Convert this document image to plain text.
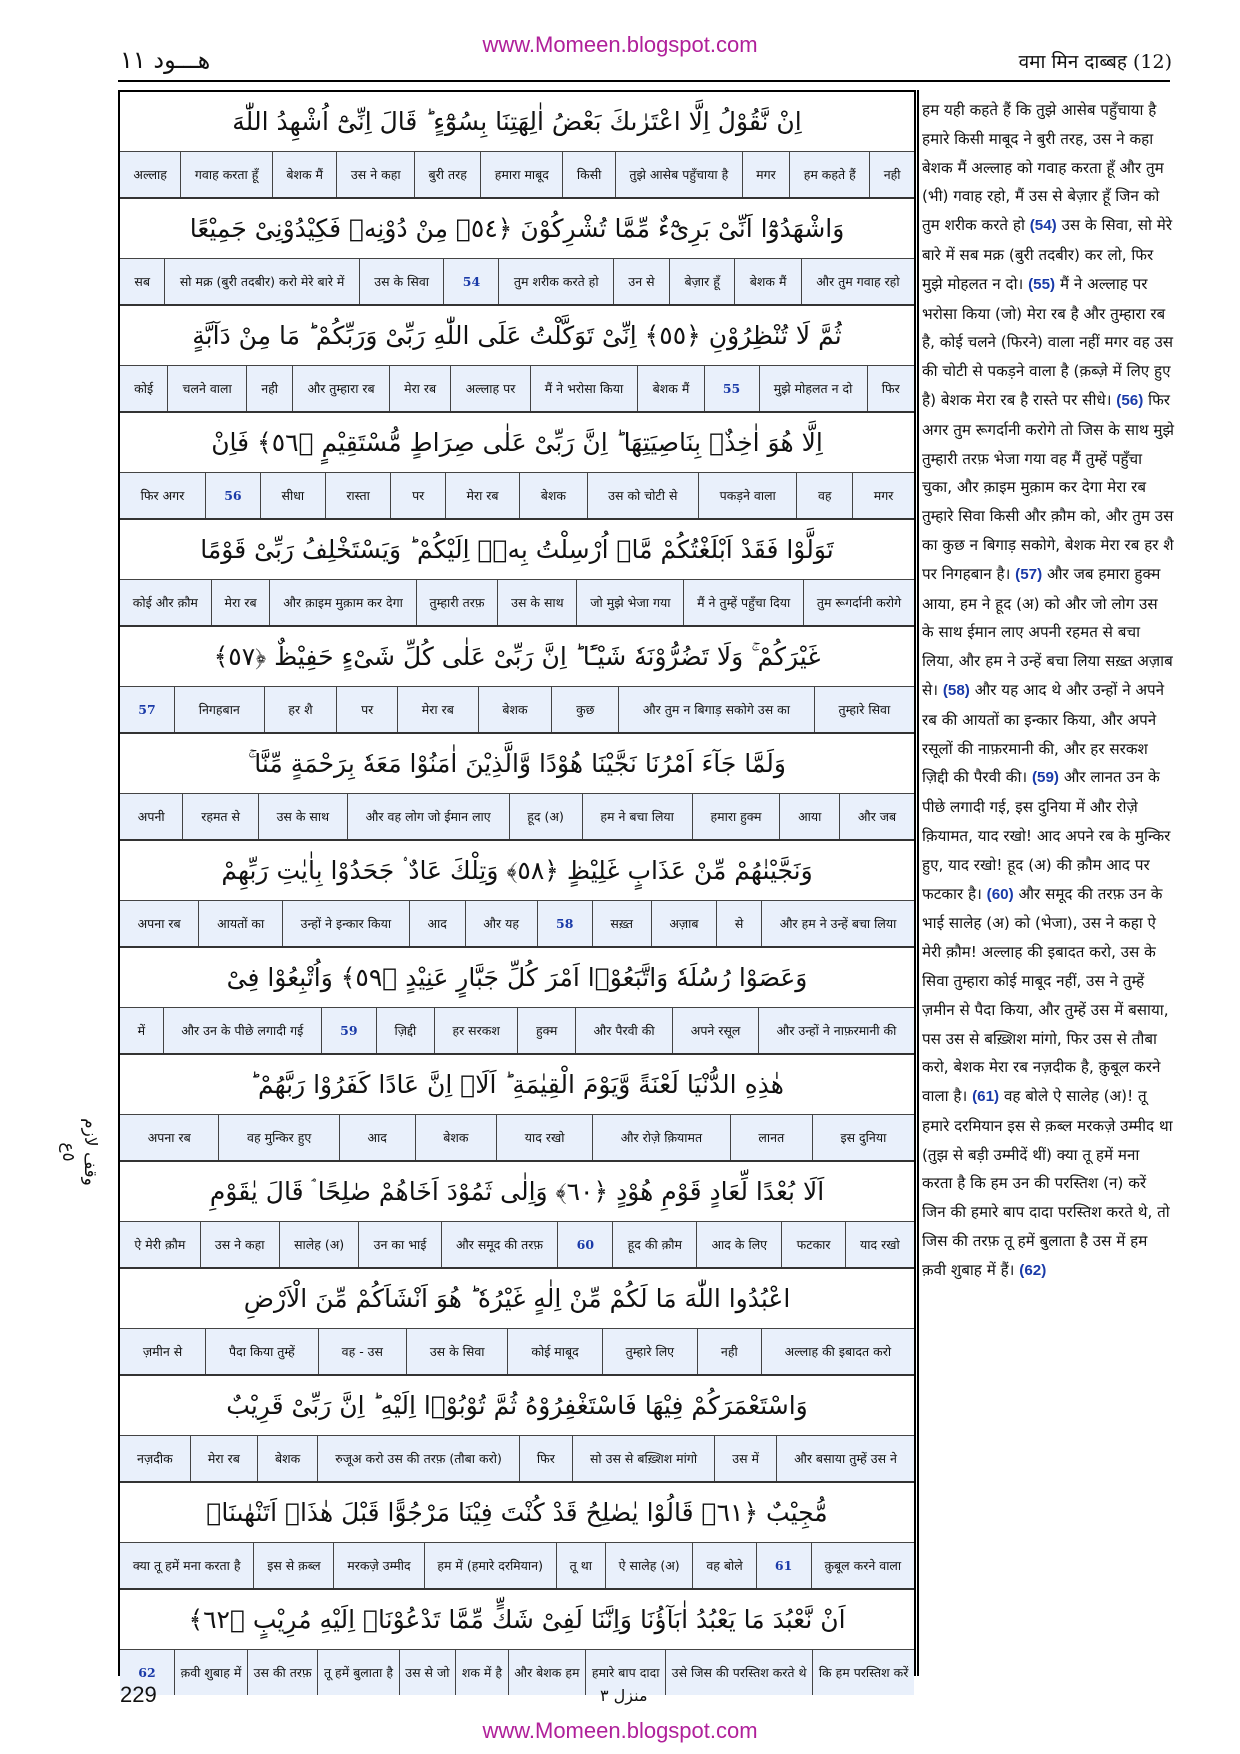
www.Momeen.blogspot.com
هـــود ١١	वमा मिन दाब्बह (12)
وقف لازم ٥ع
اِنْ نَّقُوْلُ اِلَّا اعْتَرٰىكَ بَعْضُ اٰلِهَتِنَا بِسُوْٓءٍ ؕ قَالَ اِنِّىْٓ اُشْهِدُ اللّٰهَ
नही
हम कहते हैं
मगर
तुझे आसेब पहुँचाया है
किसी
हमारा माबूद
बुरी तरह
उस ने कहा
बेशक मैं
गवाह करता हूँ
अल्लाह
وَاشْهَدُوْٓا اَنِّىْ بَرِىْٓءٌ مِّمَّا تُشْرِكُوْنَ ﴿٥٤﴾ مِنْ دُوْنِهٖ فَكِيْدُوْنِىْ جَمِيْعًا
और तुम गवाह रहो
बेशक मैं
बेज़ार हूँ
उन से
तुम शरीक करते हो
54
उस के सिवा
सो मक्र (बुरी तदबीर) करो मेरे बारे में
सब
ثُمَّ لَا تُنْظِرُوْنِ ﴿٥٥﴾ اِنِّىْ تَوَكَّلْتُ عَلَى اللّٰهِ رَبِّىْ وَرَبِّكُمْ ؕ مَا مِنْ دَآبَّةٍ
फिर
मुझे मोहलत न दो
55
बेशक मैं
मैं ने भरोसा किया
अल्लाह पर
मेरा रब
और तुम्हारा रब
नही
चलने वाला
कोई
اِلَّا هُوَ اٰخِذٌۢ بِنَاصِيَتِهَا ؕ اِنَّ رَبِّىْ عَلٰى صِرَاطٍ مُّسْتَقِيْمٍ ﴿٥٦﴾ فَاِنْ
मगर
वह
पकड़ने वाला
उस को चोटी से
बेशक
मेरा रब
पर
रास्ता
सीधा
56
फिर अगर
تَوَلَّوْا فَقَدْ اَبْلَغْتُكُمْ مَّاۤ اُرْسِلْتُ بِهٖۤ اِلَيْكُمْ ؕ وَيَسْتَخْلِفُ رَبِّىْ قَوْمًا
तुम रूगर्दानी करोगे
मैं ने तुम्हें पहुँचा दिया
जो मुझे भेजा गया
उस के साथ
तुम्हारी तरफ़
और क़ाइम मुक़ाम कर देगा
मेरा रब
कोई और क़ौम
غَيْرَكُمْ ۚ وَلَا تَضُرُّوْنَهٗ شَيْـًٔا ؕ اِنَّ رَبِّىْ عَلٰى كُلِّ شَىْءٍ حَفِيْظٌ ﴿٥٧﴾
तुम्हारे सिवा
और तुम न बिगाड़ सकोगे उस का
कुछ
बेशक
मेरा रब
पर
हर शै
निगहबान
57
وَلَمَّا جَآءَ اَمْرُنَا نَجَّيْنَا هُوْدًا وَّالَّذِيْنَ اٰمَنُوْا مَعَهٗ بِرَحْمَةٍ مِّنَّا ۚ
और जब
आया
हमारा हुक्म
हम ने बचा लिया
हूद (अ)
और वह लोग जो ईमान लाए
उस के साथ
रहमत से
अपनी
وَنَجَّيْنٰهُمْ مِّنْ عَذَابٍ غَلِيْظٍ ﴿٥٨﴾ وَتِلْكَ عَادٌ ۟ جَحَدُوْا بِاٰيٰتِ رَبِّهِمْ
और हम ने उन्हें बचा लिया
से
अज़ाब
सख़्त
58
और यह
आद
उन्हों ने इन्कार किया
आयतों का
अपना रब
وَعَصَوْا رُسُلَهٗ وَاتَّبَعُوْۤا اَمْرَ كُلِّ جَبَّارٍ عَنِيْدٍ ﴿٥٩﴾ وَاُتْبِعُوْا فِىْ
और उन्हों ने नाफ़रमानी की
अपने रसूल
और पैरवी की
हुक्म
हर सरकश
ज़िद्दी
59
और उन के पीछे लगादी गई
में
هٰذِهِ الدُّنْيَا لَعْنَةً وَّيَوْمَ الْقِيٰمَةِ ؕ اَلَاۤ اِنَّ عَادًا كَفَرُوْا رَبَّهُمْ ؕ
इस दुनिया
लानत
और रोज़े क़ियामत
याद रखो
बेशक
आद
वह मुन्किर हुए
अपना रब
اَلَا بُعْدًا لِّعَادٍ قَوْمِ هُوْدٍ ﴿٦٠﴾ وَاِلٰى ثَمُوْدَ اَخَاهُمْ صٰلِحًا ۘ قَالَ يٰقَوْمِ
याद रखो
फटकार
आद के लिए
हूद की क़ौम
60
और समूद की तरफ़
उन का भाई
सालेह (अ)
उस ने कहा
ऐ मेरी क़ौम
اعْبُدُوا اللّٰهَ مَا لَكُمْ مِّنْ اِلٰهٍ غَيْرُهٗ ؕ هُوَ اَنْشَاَكُمْ مِّنَ الْاَرْضِ
अल्लाह की इबादत करो
नही
तुम्हारे लिए
कोई माबूद
उस के सिवा
वह - उस
पैदा किया तुम्हें
ज़मीन से
وَاسْتَعْمَرَكُمْ فِيْهَا فَاسْتَغْفِرُوْهُ ثُمَّ تُوْبُوْۤا اِلَيْهِ ؕ اِنَّ رَبِّىْ قَرِيْبٌ
और बसाया तुम्हें उस ने
उस में
सो उस से बख़्शिश मांगो
फिर
रुजूअ करो उस की तरफ़ (तौबा करो)
बेशक
मेरा रब
नज़दीक
مُّجِيْبٌ ﴿٦١﴾ قَالُوْا يٰصٰلِحُ قَدْ كُنْتَ فِيْنَا مَرْجُوًّا قَبْلَ هٰذَاۤ اَتَنْهٰىنَاۤ
क़ुबूल करने वाला
61
वह बोले
ऐ सालेह (अ)
तू था
हम में (हमारे दरमियान)
मरकज़े उम्मीद
इस से क़ब्ल
क्या तू हमें मना करता है
اَنْ نَّعْبُدَ مَا يَعْبُدُ اٰبَآؤُنَا وَاِنَّنَا لَفِىْ شَكٍّ مِّمَّا تَدْعُوْنَاۤ اِلَيْهِ مُرِيْبٍ ﴿٦٢﴾
कि हम परस्तिश करें
उसे जिस की परस्तिश करते थे
हमारे बाप दादा
और बेशक हम
शक में है
उस से जो
तू हमें बुलाता है
उस की तरफ़
क़वी शुबाह में
62

हम यही कहते हैं कि तुझे आसेब पहुँचाया है हमारे किसी माबूद ने बुरी तरह, उस ने कहा बेशक मैं अल्लाह को गवाह करता हूँ और तुम (भी) गवाह रहो, मैं उस से बेज़ार हूँ जिन को तुम शरीक करते हो (54) उस के सिवा, सो मेरे बारे में सब मक्र (बुरी तदबीर) कर लो, फिर मुझे मोहलत न दो। (55) मैं ने अल्लाह पर भरोसा किया (जो) मेरा रब है और तुम्हारा रब है, कोई चलने (फिरने) वाला नहीं मगर वह उस की चोटी से पकड़ने वाला है (क़ब्ज़े में लिए हुए है) बेशक मेरा रब है रास्ते पर सीधे। (56) फिर अगर तुम रूगर्दानी करोगे तो जिस के साथ मुझे तुम्हारी तरफ़ भेजा गया वह मैं तुम्हें पहुँचा चुका, और क़ाइम मुक़ाम कर देगा मेरा रब तुम्हारे सिवा किसी और क़ौम को, और तुम उस का कुछ न बिगाड़ सकोगे, बेशक मेरा रब हर शै पर निगहबान है। (57) और जब हमारा हुक्म आया, हम ने हूद (अ) को और जो लोग उस के साथ ईमान लाए अपनी रहमत से बचा लिया, और हम ने उन्हें बचा लिया सख़्त अज़ाब से। (58) और यह आद थे और उन्हों ने अपने रब की आयतों का इन्कार किया, और अपने रसूलों की नाफ़रमानी की, और हर सरकश ज़िद्दी की पैरवी की। (59) और लानत उन के पीछे लगादी गई, इस दुनिया में और रोज़े क़ियामत, याद रखो! आद अपने रब के मुन्किर हुए, याद रखो! हूद (अ) की क़ौम आद पर फटकार है। (60) और समूद की तरफ़ उन के भाई सालेह (अ) को (भेजा), उस ने कहा ऐ मेरी क़ौम! अल्लाह की इबादत करो, उस के सिवा तुम्हारा कोई माबूद नहीं, उस ने तुम्हें ज़मीन से पैदा किया, और तुम्हें उस में बसाया, पस उस से बख़्शिश मांगो, फिर उस से तौबा करो, बेशक मेरा रब नज़दीक है, क़ुबूल करने वाला है। (61) वह बोले ऐ सालेह (अ)! तू हमारे दरमियान इस से क़ब्ल मरकज़े उम्मीद था (तुझ से बड़ी उम्मीदें थीं) क्या तू हमें मना करता है कि हम उन की परस्तिश (न) करें जिन की हमारे बाप दादा परस्तिश करते थे, तो जिस की तरफ़ तू हमें बुलाता है उस में हम क़वी शुबाह में हैं। (62)

229	منزل ٣
www.Momeen.blogspot.com
